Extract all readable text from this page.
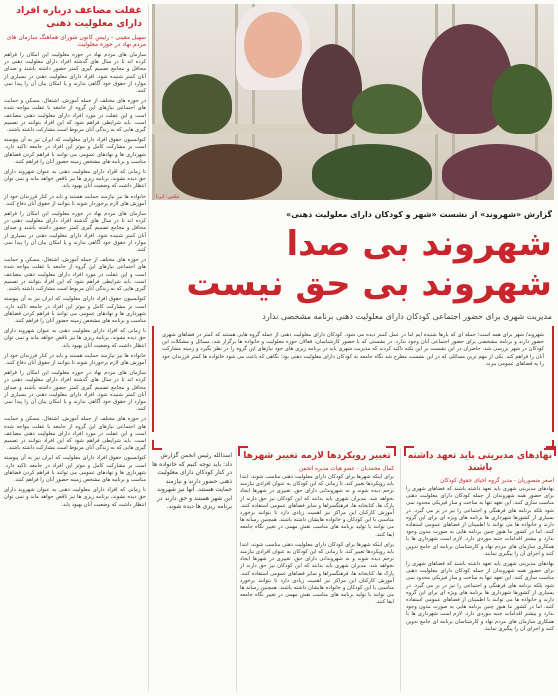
غفلت مضاعف درباره افراد دارای معلولیت ذهنی
سهیل معینی - رئیس کانون شورای هماهنگ سازمان های مردم نهاد در حوزه معلولیت

سازمان های مردم نهاد در حوزه معلولیت این امکان را فراهم کرده اند تا در سال های گذشته افراد دارای معلولیت ذهنی در محافل و مجامع تصمیم گیری کمتر حضور داشته باشند و صدای آنان کمتر شنیده شود. افراد دارای معلولیت ذهنی در بسیاری از موارد از حقوق خود آگاهی ندارند و یا امکان بیان آن را پیدا نمی کنند.

در حوزه های مختلف از جمله آموزش، اشتغال، مسکن و حمایت های اجتماعی نیازهای این گروه از جامعه با غفلت مواجه شده است و این غفلت در مورد افراد دارای معلولیت ذهنی مضاعف است. باید شرایطی فراهم شود که این افراد بتوانند در تصمیم گیری هایی که به زندگی آنان مربوط است مشارکت داشته باشند.

کنوانسیون حقوق افراد دارای معلولیت که ایران نیز به آن پیوسته است بر مشارکت کامل و موثر این افراد در جامعه تاکید دارد. شهرداری ها و نهادهای عمومی می توانند با فراهم کردن فضاهای مناسب و برنامه های مشخص زمینه حضور آنان را فراهم کنند.

تا زمانی که افراد دارای معلولیت ذهنی به عنوان شهروند دارای حق دیده نشوند، برنامه ریزی ها نیز ناقص خواهد ماند و نمی توان انتظار داشت که وضعیت آنان بهبود یابد.

خانواده ها نیز نیازمند حمایت هستند و باید در کنار فرزندان خود از آموزش های لازم برخوردار شوند تا بتوانند از حقوق آنان دفاع کنند.

سازمان های مردم نهاد در حوزه معلولیت این امکان را فراهم کرده اند تا در سال های گذشته افراد دارای معلولیت ذهنی در محافل و مجامع تصمیم گیری کمتر حضور داشته باشند و صدای آنان کمتر شنیده شود. افراد دارای معلولیت ذهنی در بسیاری از موارد از حقوق خود آگاهی ندارند و یا امکان بیان آن را پیدا نمی کنند.

در حوزه های مختلف از جمله آموزش، اشتغال، مسکن و حمایت های اجتماعی نیازهای این گروه از جامعه با غفلت مواجه شده است و این غفلت در مورد افراد دارای معلولیت ذهنی مضاعف است. باید شرایطی فراهم شود که این افراد بتوانند در تصمیم گیری هایی که به زندگی آنان مربوط است مشارکت داشته باشند.

کنوانسیون حقوق افراد دارای معلولیت که ایران نیز به آن پیوسته است بر مشارکت کامل و موثر این افراد در جامعه تاکید دارد. شهرداری ها و نهادهای عمومی می توانند با فراهم کردن فضاهای مناسب و برنامه های مشخص زمینه حضور آنان را فراهم کنند.

تا زمانی که افراد دارای معلولیت ذهنی به عنوان شهروند دارای حق دیده نشوند، برنامه ریزی ها نیز ناقص خواهد ماند و نمی توان انتظار داشت که وضعیت آنان بهبود یابد.

خانواده ها نیز نیازمند حمایت هستند و باید در کنار فرزندان خود از آموزش های لازم برخوردار شوند تا بتوانند از حقوق آنان دفاع کنند.

سازمان های مردم نهاد در حوزه معلولیت این امکان را فراهم کرده اند تا در سال های گذشته افراد دارای معلولیت ذهنی در محافل و مجامع تصمیم گیری کمتر حضور داشته باشند و صدای آنان کمتر شنیده شود. افراد دارای معلولیت ذهنی در بسیاری از موارد از حقوق خود آگاهی ندارند و یا امکان بیان آن را پیدا نمی کنند.

در حوزه های مختلف از جمله آموزش، اشتغال، مسکن و حمایت های اجتماعی نیازهای این گروه از جامعه با غفلت مواجه شده است و این غفلت در مورد افراد دارای معلولیت ذهنی مضاعف است. باید شرایطی فراهم شود که این افراد بتوانند در تصمیم گیری هایی که به زندگی آنان مربوط است مشارکت داشته باشند.

کنوانسیون حقوق افراد دارای معلولیت که ایران نیز به آن پیوسته است بر مشارکت کامل و موثر این افراد در جامعه تاکید دارد. شهرداری ها و نهادهای عمومی می توانند با فراهم کردن فضاهای مناسب و برنامه های مشخص زمینه حضور آنان را فراهم کنند.

تا زمانی که افراد دارای معلولیت ذهنی به عنوان شهروند دارای حق دیده نشوند، برنامه ریزی ها نیز ناقص خواهد ماند و نمی توان انتظار داشت که وضعیت آنان بهبود یابد.

عکس: ایرنا
گزارش «شهروند» از نشست «شهر و کودکان دارای معلولیت ذهنی»
شهروند بی صدا
شهروند بی حق نیست
مدیریت شهری برای حضور اجتماعی کودکان دارای معلولیت ذهنی برنامه مشخصی ندارد
شهروند/ شهر برای همه است؛ جمله ای که بارها شنیده ایم اما در عمل کمتر دیده می شود. کودکان دارای معلولیت ذهنی از جمله گروه هایی هستند که کمتر در فضاهای شهری حضور دارند و برنامه مشخصی برای حضور اجتماعی آنان وجود ندارد. در نشستی که با حضور کارشناسان، فعالان حوزه معلولیت و خانواده ها برگزار شد، مسائل و مشکلات این کودکان در شهر بررسی شد. حاضران در این نشست بر این نکته تاکید کردند که مدیریت شهری باید در برنامه ریزی های خود نیازهای این گروه را در نظر بگیرد و زمینه مشارکت آنان را فراهم کند. یکی از مهم ترین مسائلی که در این نشست مطرح شد نگاه جامعه به کودکان دارای معلولیت ذهنی بود؛ نگاهی که باعث می شود خانواده ها کمتر فرزندان خود را به فضاهای عمومی ببرند.
نهادهای مدیریتی باید تعهد داشته باشند
اصغر منصوریان - مدیر گروه احیای حقوق کودکان

نهادهای مدیریتی شهری باید تعهد داشته باشند که فضاهای شهری را برای حضور همه شهروندان از جمله کودکان دارای معلولیت ذهنی مناسب سازی کنند. این تعهد تنها به ساخت و ساز فیزیکی محدود نمی شود بلکه برنامه های فرهنگی و اجتماعی را نیز در بر می گیرد. در بسیاری از کشورها شهرداری ها برنامه های ویژه ای برای این گروه دارند و خانواده ها می توانند با اطمینان از فضاهای عمومی استفاده کنند. اما در کشور ما هنوز چنین برنامه هایی به صورت مدون وجود ندارد و بیشتر اقدامات جنبه موردی دارد. لازم است شهرداری ها با همکاری سازمان های مردم نهاد و کارشناسان برنامه ای جامع تدوین کنند و اجرای آن را پیگیری نمایند.

نهادهای مدیریتی شهری باید تعهد داشته باشند که فضاهای شهری را برای حضور همه شهروندان از جمله کودکان دارای معلولیت ذهنی مناسب سازی کنند. این تعهد تنها به ساخت و ساز فیزیکی محدود نمی شود بلکه برنامه های فرهنگی و اجتماعی را نیز در بر می گیرد. در بسیاری از کشورها شهرداری ها برنامه های ویژه ای برای این گروه دارند و خانواده ها می توانند با اطمینان از فضاهای عمومی استفاده کنند. اما در کشور ما هنوز چنین برنامه هایی به صورت مدون وجود ندارد و بیشتر اقدامات جنبه موردی دارد. لازم است شهرداری ها با همکاری سازمان های مردم نهاد و کارشناسان برنامه ای جامع تدوین کنند و اجرای آن را پیگیری نمایند.

تغییر رویکردها لازمه تغییر شهرها
کمال محمدیان - عضو هیات مدیره انجمن

برای اینکه شهرها برای کودکان دارای معلولیت ذهنی مناسب شوند، ابتدا باید رویکردها تغییر کند. تا زمانی که این کودکان به عنوان افرادی نیازمند ترحم دیده شوند و نه شهروندانی دارای حق، تغییری در شهرها ایجاد نخواهد شد. مدیران شهری باید بدانند که این کودکان نیز حق دارند از پارک ها، کتابخانه ها، فرهنگسراها و سایر فضاهای عمومی استفاده کنند. آموزش کارکنان این مراکز نیز اهمیت زیادی دارد تا بتوانند برخورد مناسبی با این کودکان و خانواده هایشان داشته باشند. همچنین رسانه ها می توانند با تولید برنامه های مناسب نقش مهمی در تغییر نگاه جامعه ایفا کنند.

برای اینکه شهرها برای کودکان دارای معلولیت ذهنی مناسب شوند، ابتدا باید رویکردها تغییر کند. تا زمانی که این کودکان به عنوان افرادی نیازمند ترحم دیده شوند و نه شهروندانی دارای حق، تغییری در شهرها ایجاد نخواهد شد. مدیران شهری باید بدانند که این کودکان نیز حق دارند از پارک ها، کتابخانه ها، فرهنگسراها و سایر فضاهای عمومی استفاده کنند. آموزش کارکنان این مراکز نیز اهمیت زیادی دارد تا بتوانند برخورد مناسبی با این کودکان و خانواده هایشان داشته باشند. همچنین رسانه ها می توانند با تولید برنامه های مناسب نقش مهمی در تغییر نگاه جامعه ایفا کنند.

اسدالله رئیس انجمن گزارش داد: باید توجه کنیم که خانواده ها در کنار کودکان دارای معلولیت ذهنی حضور دارند و نیازمند حمایت هستند. آنها نیز شهروند این شهر هستند و حق دارند در برنامه ریزی ها دیده شوند.
